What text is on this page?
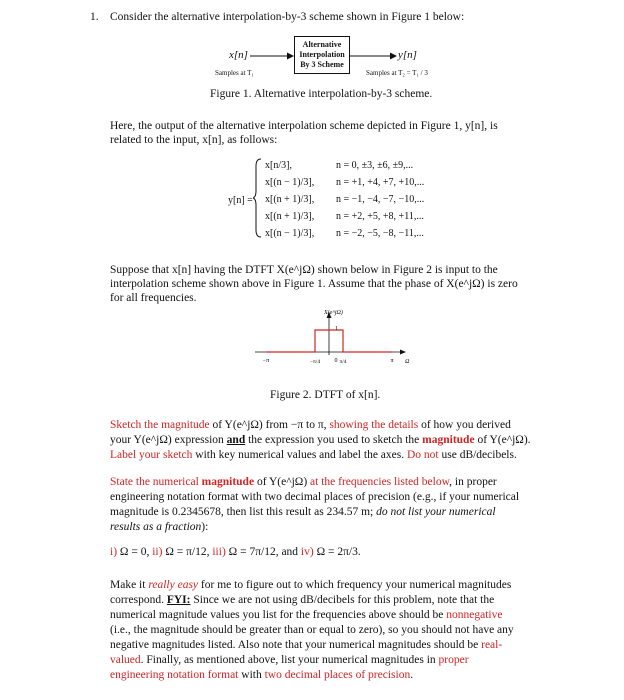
1. Consider the alternative interpolation-by-3 scheme shown in Figure 1 below:
x[n]
Samples at T₁
Alternative
Interpolation
By 3 Scheme
y[n]
Samples at T₂ = T₁ / 3
Figure 1. Alternative interpolation-by-3 scheme.
Here, the output of the alternative interpolation scheme depicted in Figure 1, y[n], is
related to the input, x[n], as follows:
y[n] =
x[n/3],	n = 0, ±3, ±6, ±9,...
x[(n − 1)/3], n = +1, +4, +7, +10,...
x[(n + 1)/3], n = −1, −4, −7, −10,...
x[(n + 1)/3], n = +2, +5, +8, +11,...
x[(n − 1)/3], n = −2, −5, −8, −11,...
Suppose that x[n] having the DTFT X(e^jΩ) shown below in Figure 2 is input to the
interpolation scheme shown above in Figure 1. Assume that the phase of X(e^jΩ) is zero
for all frequencies.
X(e^jΩ)
1
−π	−π/4 0 π/4	π Ω
Figure 2. DTFT of x[n].
Sketch the magnitude of Y(e^jΩ) from −π to π, showing the details of how you derived
your Y(e^jΩ) expression and the expression you used to sketch the magnitude of Y(e^jΩ).
Label your sketch with key numerical values and label the axes. Do not use dB/decibels.
State the numerical magnitude of Y(e^jΩ) at the frequencies listed below, in proper
engineering notation format with two decimal places of precision (e.g., if your numerical
magnitude is 0.2345678, then list this result as 234.57 m; do not list your numerical
results as a fraction):
i) Ω = 0, ii) Ω = π/12, iii) Ω = 7π/12, and iv) Ω = 2π/3.
Make it really easy for me to figure out to which frequency your numerical magnitudes
correspond. FYI: Since we are not using dB/decibels for this problem, note that the
numerical magnitude values you list for the frequencies above should be nonnegative
(i.e., the magnitude should be greater than or equal to zero), so you should not have any
negative magnitudes listed. Also note that your numerical magnitudes should be real-
valued. Finally, as mentioned above, list your numerical magnitudes in proper
engineering notation format with two decimal places of precision.
